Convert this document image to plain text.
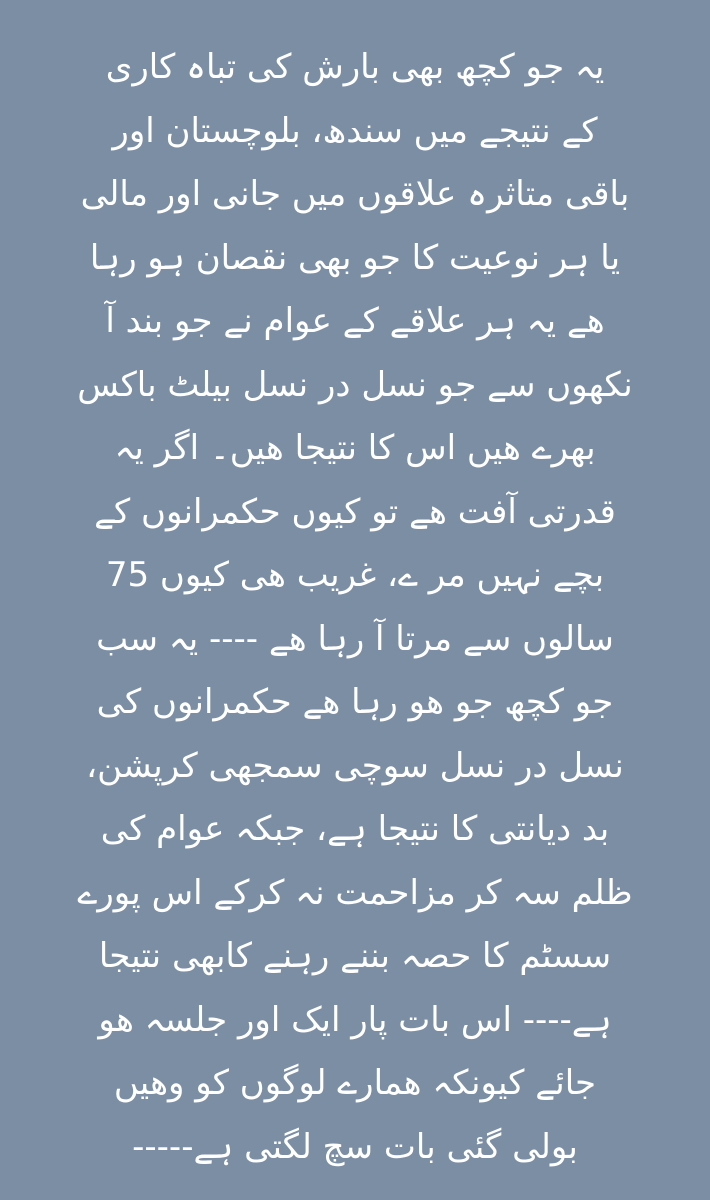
یہ جو کچھ بھی بارش کی تباہ کاری
کے نتیجے میں سندھ، بلوچستان اور
باقی متاثرہ علاقوں میں جانی اور مالی
یا ہر نوعیت کا جو بھی نقصان ہو رہا
ھے یہ ہر علاقے کے عوام نے جو بند آ
نکھوں سے جو نسل در نسل بیلٹ باکس
بھرے ھیں اس کا نتیجا ھیں۔ اگر یہ
قدرتی آفت ھے تو کیوں حکمرانوں کے
بچے نہیں مر ے، غریب ھی کیوں 75
سالوں سے مرتا آ رہا ھے ---- یہ سب
جو کچھ جو ھو رہا ھے حکمرانوں کی
نسل در نسل سوچی سمجھی کرپشن،
بد دیانتی کا نتیجا ہے، جبکہ عوام کی
ظلم سہ کر مزاحمت نہ کرکے اس پورے
سسٹم کا حصہ بننے رہنے کابھی نتیجا
ہے---- اس بات پار ایک اور جلسہ ھو
جائے کیونکہ ھمارے لوگوں کو وھیں
بولی گئی بات سچ لگتی ہے-----
